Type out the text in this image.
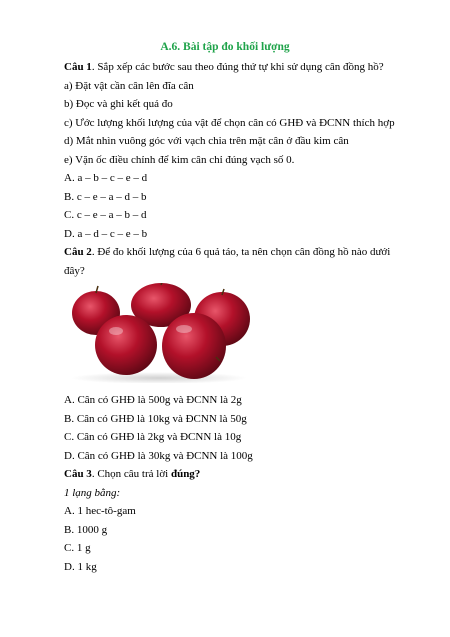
A.6. Bài tập đo khối lượng
Câu 1. Sắp xếp các bước sau theo đúng thứ tự khi sử dụng cân đồng hồ?
a) Đặt vật cần cân lên đĩa cân
b) Đọc và ghi kết quả đo
c) Ước lượng khối lượng của vật để chọn cân có GHĐ và ĐCNN thích hợp
d) Mắt nhìn vuông góc với vạch chia trên mặt cân ở đầu kim cân
e) Vặn ốc điều chỉnh để kim cân chỉ đúng vạch số 0.
A. a – b – c – e – d
B. c – e – a – d – b
C. c – e – a – b – d
D. a – d – c – e – b
Câu 2. Để đo khối lượng của 6 quả táo, ta nên chọn cân đồng hồ nào dưới
đây?
A. Cân có GHĐ là 500g và ĐCNN là 2g
B. Cân có GHĐ là 10kg và ĐCNN là 50g
C. Cân có GHĐ là 2kg và ĐCNN là 10g
D. Cân có GHĐ là 30kg và ĐCNN là 100g
Câu 3. Chọn câu trả lời đúng?
1 lạng bằng:
A. 1 hec-tô-gam
B. 1000 g
C. 1 g
D. 1 kg
